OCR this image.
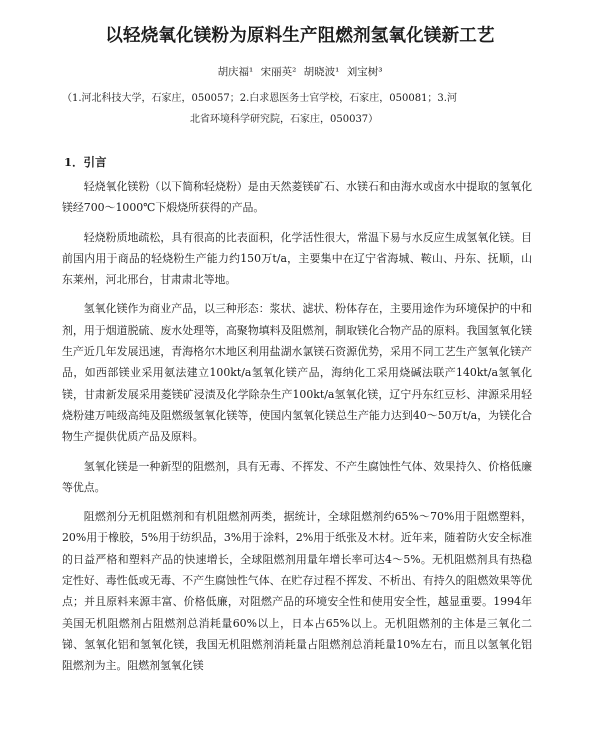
以轻烧氧化镁粉为原料生产阻燃剂氢氧化镁新工艺
胡庆福¹ 宋丽英² 胡晓波¹ 刘宝树³
（1.河北科技大学，石家庄，050057；2.白求恩医务士官学校，石家庄，050081；3.河
北省环境科学研究院，石家庄，050037）
1．引言

轻烧氧化镁粉（以下简称轻烧粉）是由天然菱镁矿石、水镁石和由海水或卤水中提取的氢氧化镁经700～1000℃下煅烧所获得的产品。

轻烧粉质地疏松，具有很高的比表面积，化学活性很大，常温下易与水反应生成氢氧化镁。目前国内用于商品的轻烧粉生产能力约150万t/a，主要集中在辽宁省海城、鞍山、丹东、抚顺，山东莱州，河北邢台，甘肃肃北等地。

氢氧化镁作为商业产品，以三种形态：浆状、滤状、粉体存在，主要用途作为环境保护的中和剂，用于烟道脱硫、废水处理等，高聚物填料及阻燃剂，制取镁化合物产品的原料。我国氢氧化镁生产近几年发展迅速，青海格尔木地区利用盐湖水氯镁石资源优势，采用不同工艺生产氢氧化镁产品，如西部镁业采用氨法建立100kt/a氢氧化镁产品，海纳化工采用烧碱法联产140kt/a氢氧化镁，甘肃新发展采用菱镁矿浸渍及化学除杂生产100kt/a氢氧化镁，辽宁丹东红豆杉、津源采用轻烧粉建万吨级高纯及阻燃级氢氧化镁等，使国内氢氧化镁总生产能力达到40～50万t/a，为镁化合物生产提供优质产品及原料。

氢氧化镁是一种新型的阻燃剂，具有无毒、不挥发、不产生腐蚀性气体、效果持久、价格低廉等优点。

阻燃剂分无机阻燃剂和有机阻燃剂两类，据统计，全球阻燃剂约65%～70%用于阻燃塑料，20%用于橡胶，5%用于纺织品，3%用于涂料，2%用于纸张及木材。近年来，随着防火安全标准的日益严格和塑料产品的快速增长，全球阻燃剂用量年增长率可达4～5%。无机阻燃剂具有热稳定性好、毒性低或无毒、不产生腐蚀性气体、在贮存过程不挥发、不析出、有持久的阻燃效果等优点；并且原料来源丰富、价格低廉，对阻燃产品的环境安全性和使用安全性，越显重要。1994年美国无机阻燃剂占阻燃剂总消耗量60%以上，日本占65%以上。无机阻燃剂的主体是三氧化二锑、氢氧化铝和氢氧化镁，我国无机阻燃剂消耗量占阻燃剂总消耗量10%左右，而且以氢氧化铝阻燃剂为主。阻燃剂氢氧化镁
